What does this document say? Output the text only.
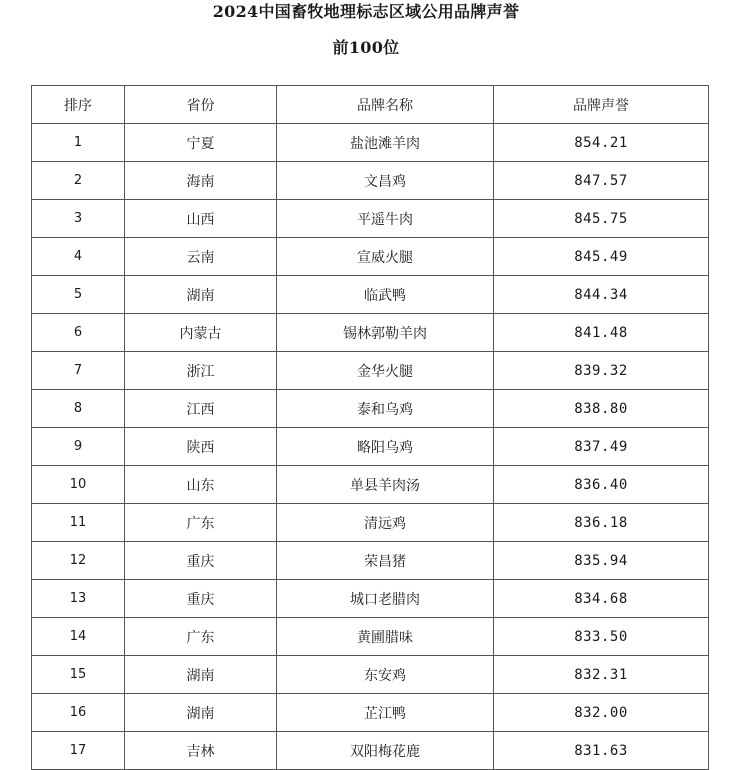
2024中国畜牧地理标志区域公用品牌声誉
前100位
排序	省份	品牌名称	品牌声誉
1	宁夏	盐池滩羊肉	854.21
2	海南	文昌鸡	847.57
3	山西	平遥牛肉	845.75
4	云南	宣威火腿	845.49
5	湖南	临武鸭	844.34
6	内蒙古	锡林郭勒羊肉	841.48
7	浙江	金华火腿	839.32
8	江西	泰和乌鸡	838.80
9	陕西	略阳乌鸡	837.49
10	山东	单县羊肉汤	836.40
11	广东	清远鸡	836.18
12	重庆	荣昌猪	835.94
13	重庆	城口老腊肉	834.68
14	广东	黄圃腊味	833.50
15	湖南	东安鸡	832.31
16	湖南	芷江鸭	832.00
17	吉林	双阳梅花鹿	831.63
